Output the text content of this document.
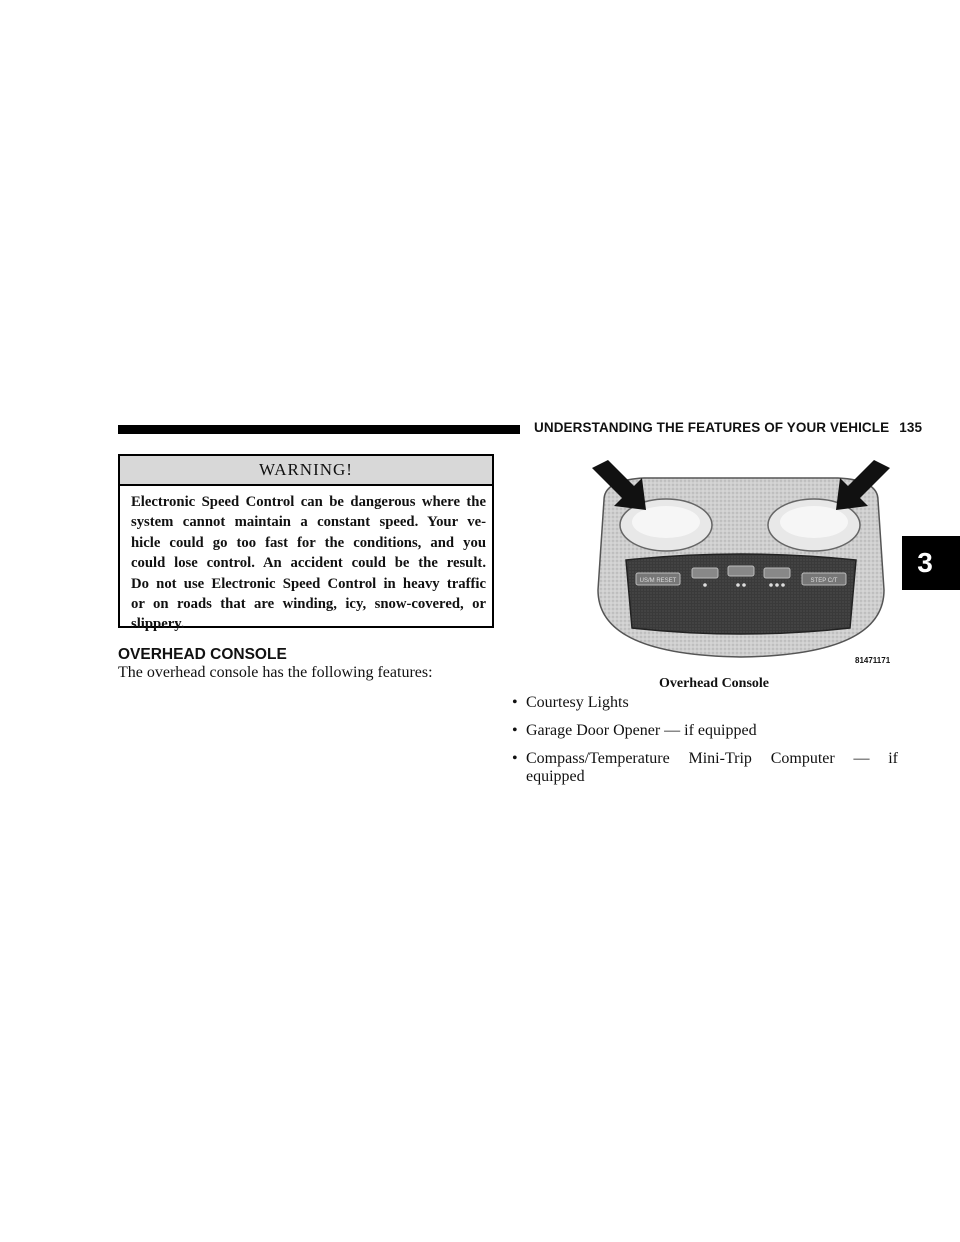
UNDERSTANDING THE FEATURES OF YOUR VEHICLE 135
3
WARNING!
Electronic Speed Control can be dangerous where the
system cannot maintain a constant speed. Your ve-
hicle could go too fast for the conditions, and you
could lose control. An accident could be the result.
Do not use Electronic Speed Control in heavy traffic
or on roads that are winding, icy, snow-covered, or
slippery.
OVERHEAD CONSOLE
The overhead console has the following features:
US/M RESET	STEP C/T
81471171
Overhead Console
• Courtesy Lights
• Garage Door Opener — if equipped
• Compass/Temperature Mini-Trip Computer — if
equipped
